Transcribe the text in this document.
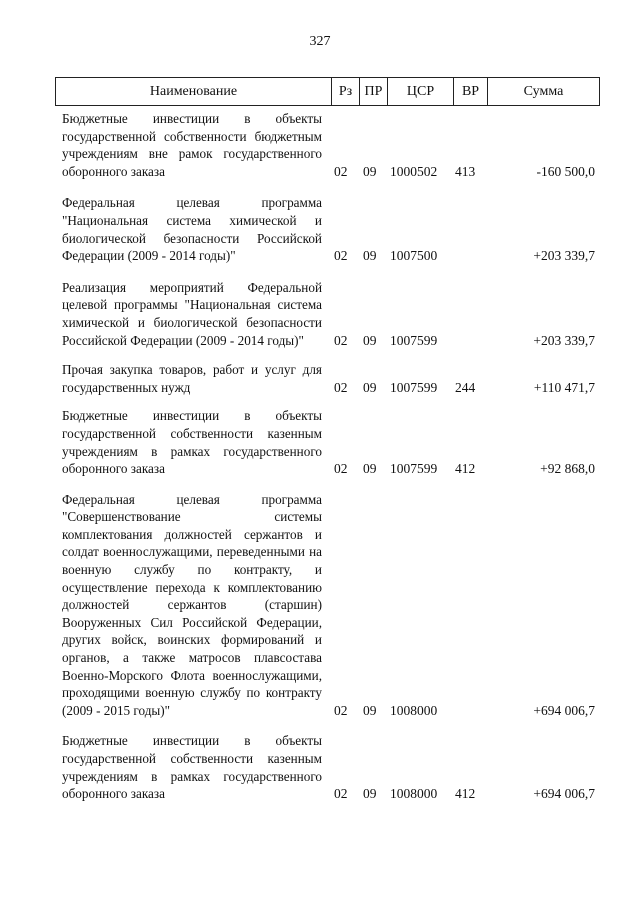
327
Наименование	Рз ПР	ЦСР	ВР	Сумма
Бюджетные инвестиции в объекты государственной собственности бюджетным учреждениям вне рамок государственного оборонного заказа	02 09 1000502 413	-160 500,0
Федеральная целевая программа "Национальная система химической и биологической безопасности Российской Федерации (2009 - 2014 годы)"	02 09 1007500	+203 339,7
Реализация мероприятий Федеральной целевой программы "Национальная система химической и биологической безопасности Российской Федерации (2009 - 2014 годы)"	02 09 1007599	+203 339,7
Прочая закупка товаров, работ и услуг для государственных нужд	02 09 1007599 244	+110 471,7
Бюджетные инвестиции в объекты государственной собственности казенным учреждениям в рамках государственного оборонного заказа	02 09 1007599 412	+92 868,0
Федеральная целевая программа "Совершенствование системы комплектования должностей сержантов и солдат военнослужащими, переведенными на военную службу по контракту, и осуществление перехода к комплектованию должностей сержантов (старшин) Вооруженных Сил Российской Федерации, других войск, воинских формирований и органов, а также матросов плавсостава Военно-Морского Флота военнослужащими, проходящими военную службу по контракту (2009 - 2015 годы)"	02 09 1008000	+694 006,7
Бюджетные инвестиции в объекты государственной собственности казенным учреждениям в рамках государственного оборонного заказа	02 09 1008000 412	+694 006,7
